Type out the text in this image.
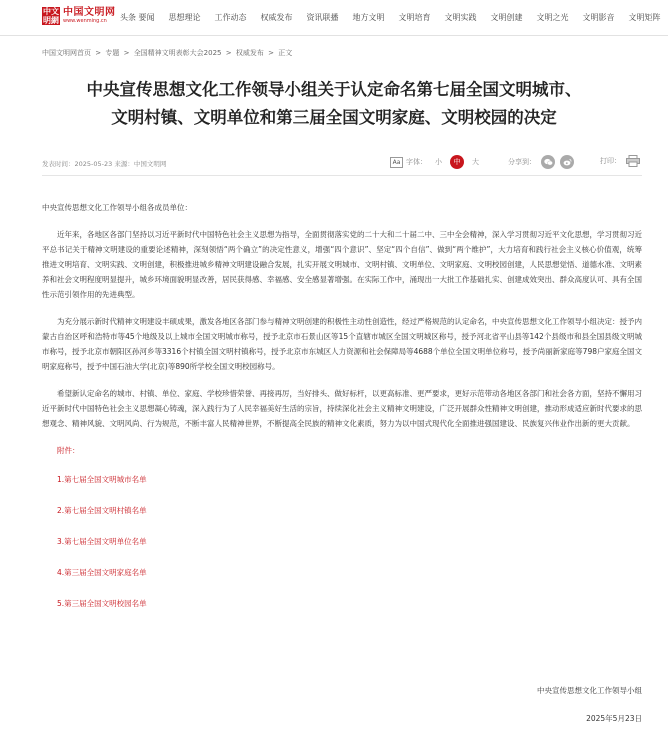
中文明網
中国文明网
www.wenming.cn	头条 要闻 思想理论 工作动态 权威发布 资讯联播 地方文明 文明培育 文明实践 文明创建 文明之光 文明影音 文明矩阵
中国文明网首页 > 专题 > 全国精神文明表彰大会2025 > 权威发布 > 正文
中央宣传思想文化工作领导小组关于认定命名第七届全国文明城市、
文明村镇、文明单位和第三届全国文明家庭、文明校园的决定
发表时间：2025-05-23 来源：中国文明网	Aa 字体： 小	中	大	分享到：	打印：
中央宣传思想文化工作领导小组各成员单位：

近年来，各地区各部门坚持以习近平新时代中国特色社会主义思想为指导，全面贯彻落实党的二十大和二十届二中、三中全会精神，深入学习贯彻习近平文化思想，学习贯彻习近平总书记关于精神文明建设的重要论述精神，深刻领悟“两个确立”的决定性意义，增强“四个意识”、坚定“四个自信”、做到“两个维护”，大力培育和践行社会主义核心价值观，统筹推进文明培育、文明实践、文明创建，积极推进城乡精神文明建设融合发展，扎实开展文明城市、文明村镇、文明单位、文明家庭、文明校园创建，人民思想觉悟、道德水准、文明素养和社会文明程度明显提升，城乡环境面貌明显改善，居民获得感、幸福感、安全感显著增强。在实际工作中，涌现出一大批工作基础扎实、创建成效突出、群众高度认可、具有全国性示范引领作用的先进典型。

为充分展示新时代精神文明建设丰硕成果，激发各地区各部门参与精神文明创建的积极性主动性创造性，经过严格规范的认定命名，中央宣传思想文化工作领导小组决定：授予内蒙古自治区呼和浩特市等45个地级及以上城市全国文明城市称号，授予北京市石景山区等15个直辖市城区全国文明城区称号，授予河北省平山县等142个县级市和县全国县级文明城市称号，授予北京市朝阳区孙河乡等3316个村镇全国文明村镇称号，授予北京市东城区人力资源和社会保障局等4688个单位全国文明单位称号，授予尚丽新家庭等798户家庭全国文明家庭称号，授予中国石油大学(北京)等890所学校全国文明校园称号。

希望新认定命名的城市、村镇、单位、家庭、学校珍惜荣誉、再接再厉，当好排头、做好标杆，以更高标准、更严要求，更好示范带动各地区各部门和社会各方面，坚持不懈用习近平新时代中国特色社会主义思想凝心铸魂，深入践行为了人民幸福美好生活的宗旨，持续深化社会主义精神文明建设，广泛开展群众性精神文明创建，推动形成适应新时代要求的思想观念、精神风貌、文明风尚、行为规范，不断丰富人民精神世界，不断提高全民族的精神文化素质，努力为以中国式现代化全面推进强国建设、民族复兴伟业作出新的更大贡献。

附件：
1.第七届全国文明城市名单
2.第七届全国文明村镇名单
3.第七届全国文明单位名单
4.第三届全国文明家庭名单
5.第三届全国文明校园名单
中央宣传思想文化工作领导小组
2025年5月23日
